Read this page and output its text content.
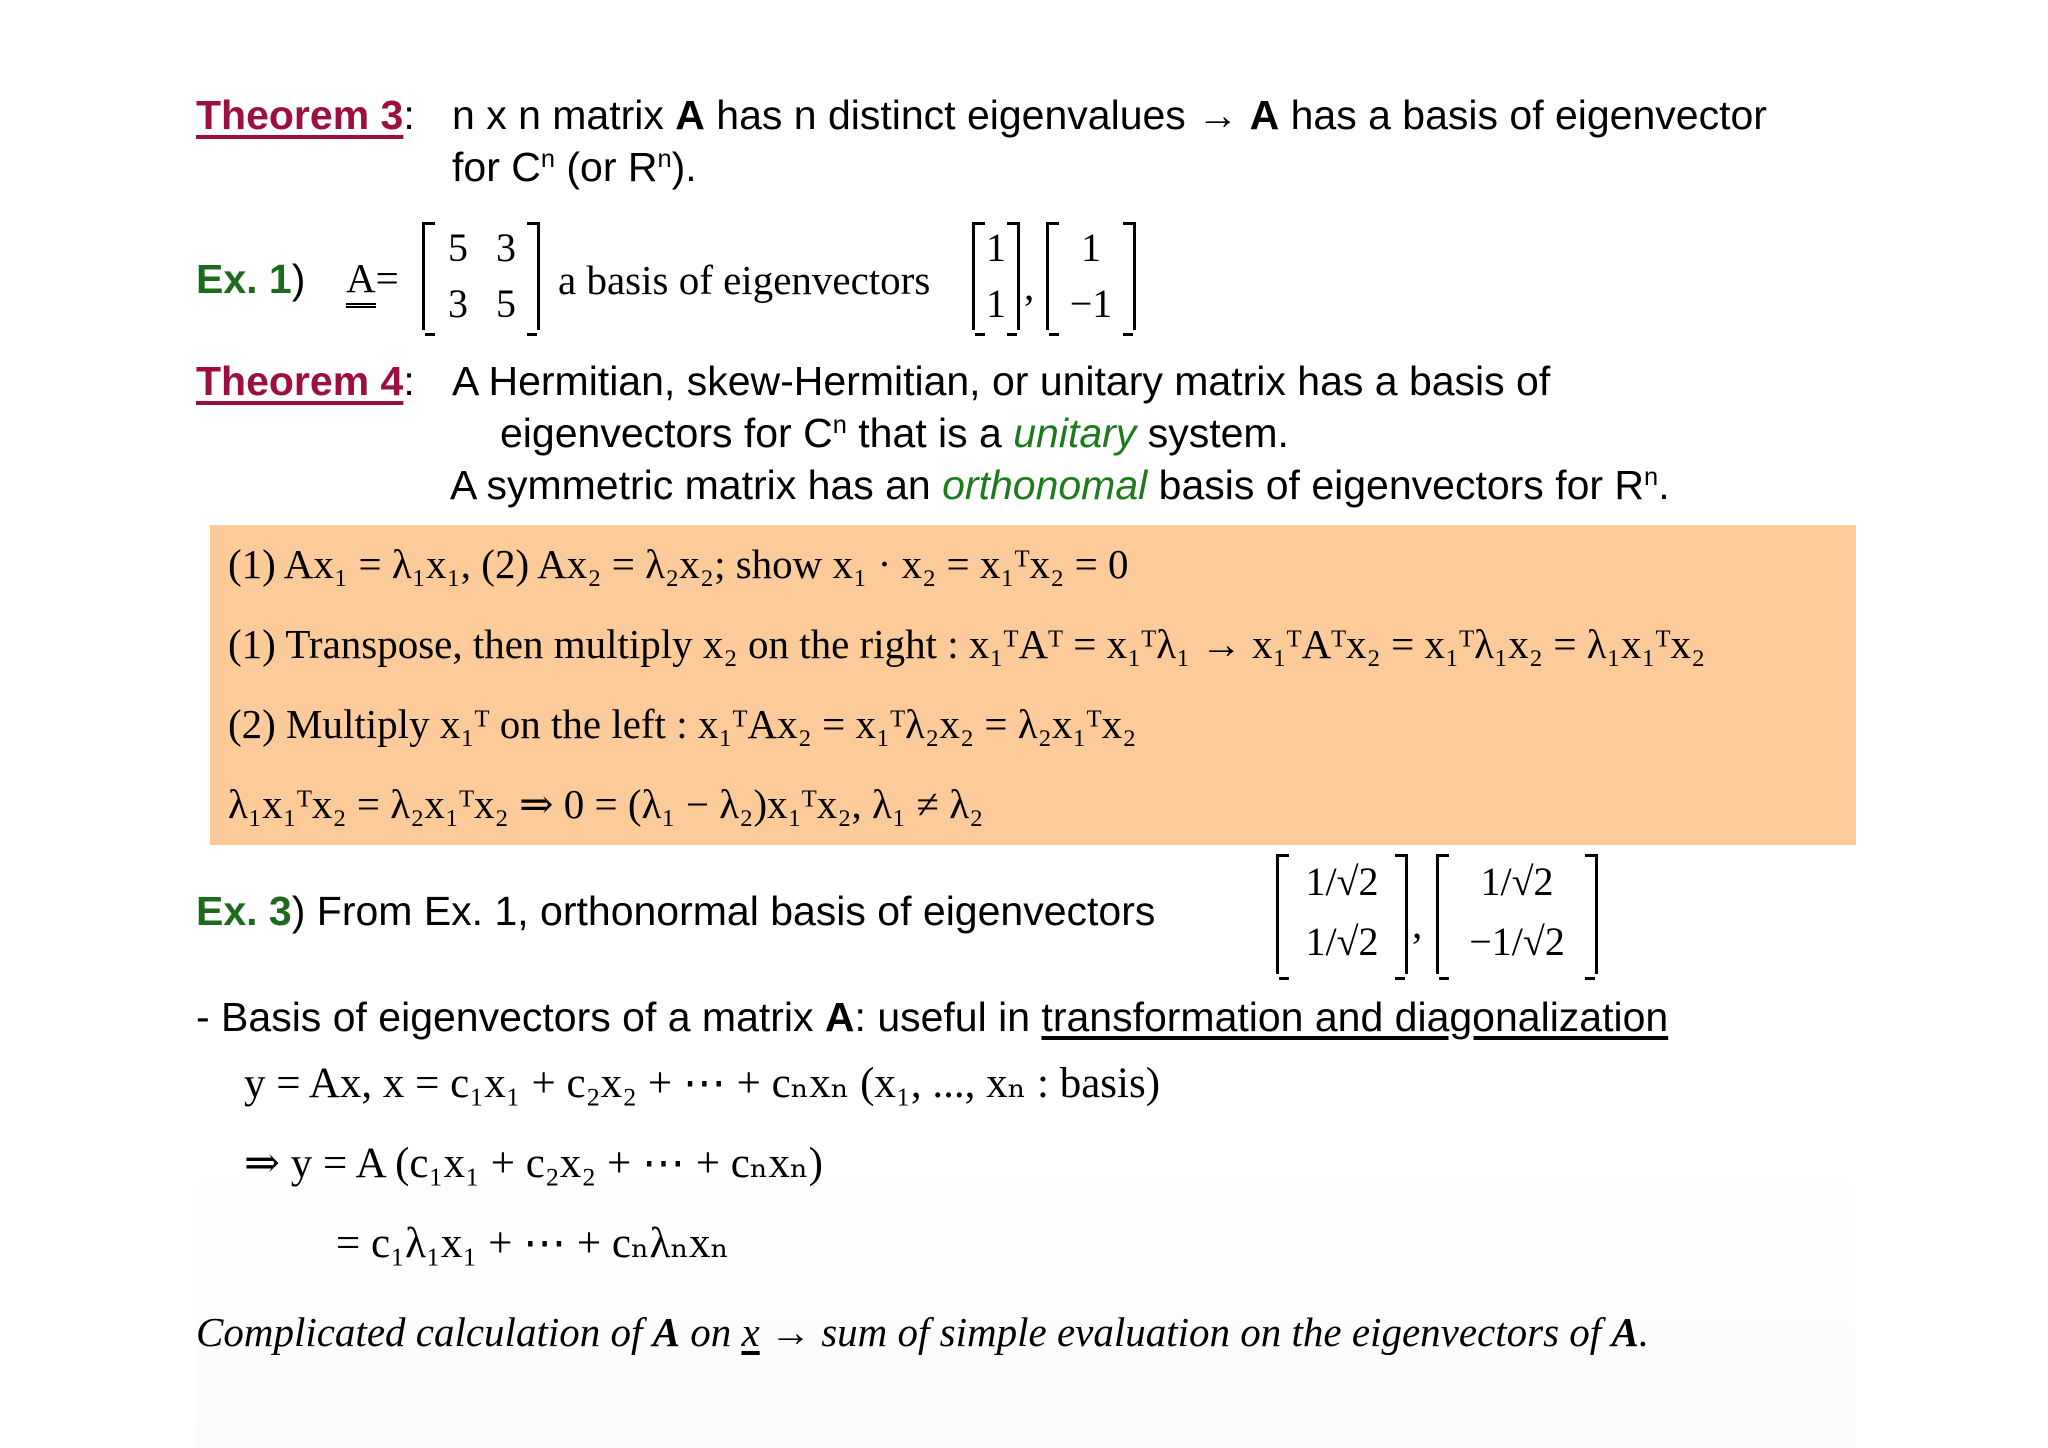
Theorem 3: n x n matrix A has n distinct eigenvalues → A has a basis of eigenvector
for $C^n$ (or $R^n$).
Ex. 1) A=
5 3
3 5
a basis of eigenvectors
1
1 ,
1
−1
Theorem 4: A Hermitian, skew-Hermitian, or unitary matrix has a basis of
eigenvectors for $C^n$ that is a unitary system.
A symmetric matrix has an orthonomal basis of eigenvectors for $R^n$.
(1) Ax₁ = λ₁x₁, (2) Ax₂ = λ₂x₂; show x₁ · x₂ = x₁ᵀx₂ = 0
(1) Transpose, then multiply x₂ on the right : x₁ᵀAᵀ = x₁ᵀλ₁ → x₁ᵀAᵀx₂ = x₁ᵀλ₁x₂ = λ₁x₁ᵀx₂
(2) Multiply x₁ᵀ on the left : x₁ᵀAx₂ = x₁ᵀλ₂x₂ = λ₂x₁ᵀx₂
λ₁x₁ᵀx₂ = λ₂x₁ᵀx₂ ⇒ 0 = (λ₁ − λ₂)x₁ᵀx₂, λ₁ ≠ λ₂
Ex. 3) From Ex. 1, orthonormal basis of eigenvectors
1/√2
1/√2 ,
1/√2
−1/√2
- Basis of eigenvectors of a matrix A: useful in transformation and diagonalization
y = Ax, x = c₁x₁ + c₂x₂ + ⋯ + cₙxₙ (x₁, ..., xₙ : basis)
⇒ y = A (c₁x₁ + c₂x₂ + ⋯ + cₙxₙ)
= c₁λ₁x₁ + ⋯ + cₙλₙxₙ
Complicated calculation of A on x → sum of simple evaluation on the eigenvectors of A.
